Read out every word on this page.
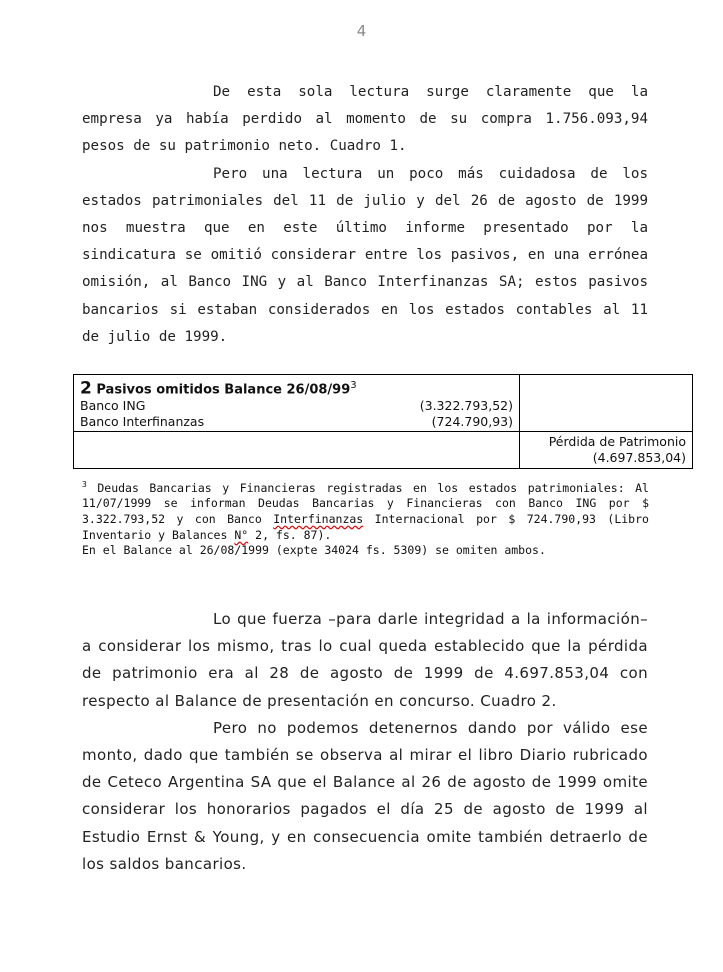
4

De esta sola lectura surge claramente que la empresa ya había perdido al momento de su compra 1.756.093,94 pesos de su patrimonio neto. Cuadro 1.

Pero una lectura un poco más cuidadosa de los estados patrimoniales del 11 de julio y del 26 de agosto de 1999 nos muestra que en este último informe presentado por la sindicatura se omitió considerar entre los pasivos, en una errónea omisión, al Banco ING y al Banco Interfinanzas SA; estos pasivos bancarios si estaban considerados en los estados contables al 11 de julio de 1999.

2 Pasivos omitidos Balance $26/08/99^3$
Banco ING (3.322.793,52)
Banco Interfinanzas (724.790,93)	

	Pérdida de Patrimonio
(4.697.853,04)

$^3$ Deudas Bancarias y Financieras registradas en los estados patrimoniales: Al 11/07/1999 se informan Deudas Bancarias y Financieras con Banco ING por $ 3.322.793,52 y con Banco Interfinanzas Internacional por $ 724.790,93 (Libro Inventario y Balances N° 2, fs. 87).

En el Balance al 26/08/1999 (expte 34024 fs. 5309) se omiten ambos.

Lo que fuerza –para darle integridad a la información– a considerar los mismo, tras lo cual queda establecido que la pérdida de patrimonio era al 28 de agosto de 1999 de 4.697.853,04 con respecto al Balance de presentación en concurso. Cuadro 2.

Pero no podemos detenernos dando por válido ese monto, dado que también se observa al mirar el libro Diario rubricado de Ceteco Argentina SA que el Balance al 26 de agosto de 1999 omite considerar los honorarios pagados el día 25 de agosto de 1999 al Estudio Ernst & Young, y en consecuencia omite también detraerlo de los saldos bancarios.
